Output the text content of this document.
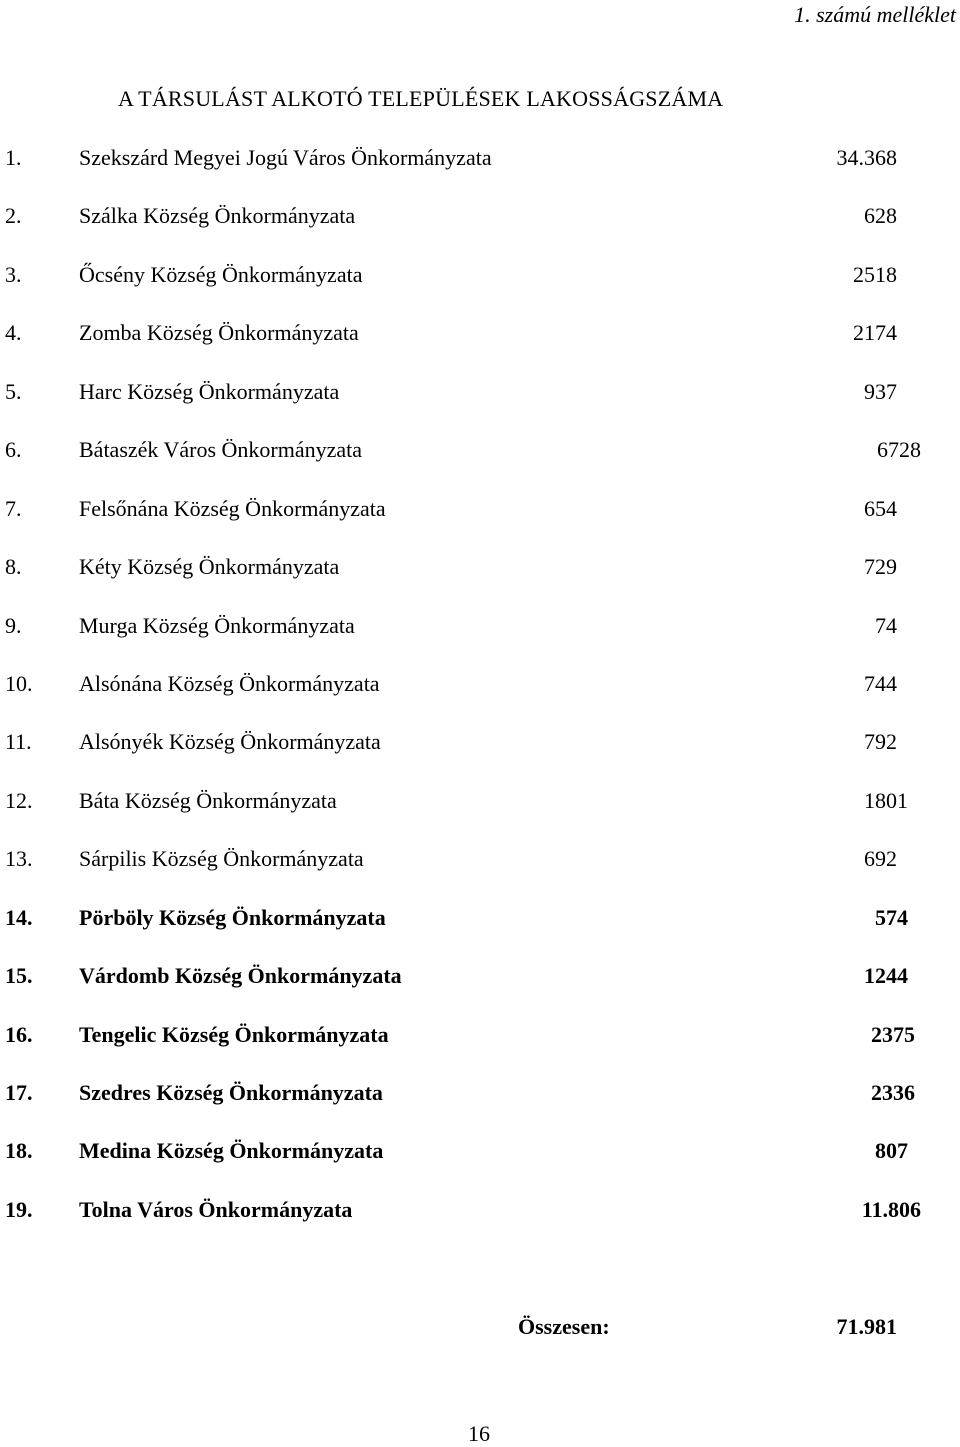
1. számú melléklet
A TÁRSULÁST ALKOTÓ TELEPÜLÉSEK LAKOSSÁGSZÁMA
1.	Szekszárd Megyei Jogú Város Önkormányzata	34.368
2.	Szálka Község Önkormányzata	628
3.	Őcsény Község Önkormányzata	2518
4.	Zomba Község Önkormányzata	2174
5.	Harc Község Önkormányzata	937
6.	Bátaszék Város Önkormányzata	6728
7.	Felsőnána Község Önkormányzata	654
8.	Kéty Község Önkormányzata	729
9.	Murga Község Önkormányzata	74
10. Alsónána Község Önkormányzata	744
11. Alsónyék Község Önkormányzata	792
12. Báta Község Önkormányzata	1801
13. Sárpilis Község Önkormányzata	692
14. Pörböly Község Önkormányzata	574
15. Várdomb Község Önkormányzata	1244
16. Tengelic Község Önkormányzata	2375
17. Szedres Község Önkormányzata	2336
18. Medina Község Önkormányzata	807
19. Tolna Város Önkormányzata	11.806
Összesen:	71.981
16
